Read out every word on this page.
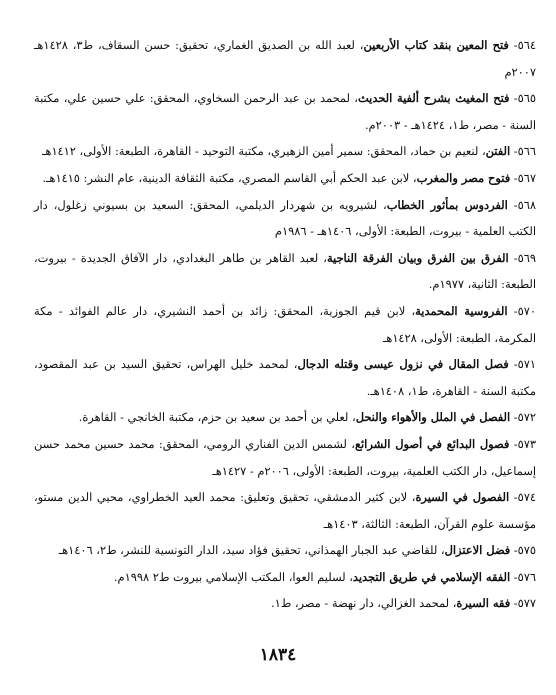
٥٦٤- فتح المعين بنقد كتاب الأربعين، لعبد الله بن الصديق الغماري، تحقيق: حسن السقاف، ط٣، ١٤٢٨هـ ٢٠٠٧م

٥٦٥- فتح المغيث بشرح ألفية الحديث، لمحمد بن عبد الرحمن السخاوي، المحقق: علي حسين علي، مكتبة السنة - مصر، ط١، ١٤٢٤هـ - ٢٠٠٣م.

٥٦٦- الفتن، لنعيم بن حماد، المحقق: سمير أمين الزهيري، مكتبة التوحيد - القاهرة، الطبعة: الأولى، ١٤١٢هـ

٥٦٧- فتوح مصر والمغرب، لابن عبد الحكم أبي القاسم المصري، مكتبة الثقافة الدينية، عام النشر: ١٤١٥هـ.

٥٦٨- الفردوس بمأثور الخطاب، لشيرويه بن شهردار الديلمي، المحقق: السعيد بن بسيوني زغلول، دار الكتب العلمية - بيروت، الطبعة: الأولى، ١٤٠٦هـ - ١٩٨٦م

٥٦٩- الفرق بين الفرق وبيان الفرقة الناجية، لعبد القاهر بن طاهر البغدادي، دار الآفاق الجديدة - بيروت، الطبعة: الثانية، ١٩٧٧م.

٥٧٠- الفروسية المحمدية، لابن قيم الجوزية، المحقق: زائد بن أحمد النشيري، دار عالم الفوائد - مكة المكرمة، الطبعة: الأولى، ١٤٢٨هـ

٥٧١- فصل المقال في نزول عيسى وقتله الدجال، لمحمد خليل الهراس، تحقيق السيد بن عبد المقصود، مكتبة السنة - القاهرة، ط١، ١٤٠٨هـ.

٥٧٢- الفصل في الملل والأهواء والنحل، لعلي بن أحمد بن سعيد بن حزم، مكتبة الخانجي - القاهرة.

٥٧٣- فصول البدائع في أصول الشرائع، لشمس الدين الفناري الرومي، المحقق: محمد حسين محمد حسن إسماعيل، دار الكتب العلمية، بيروت، الطبعة: الأولى، ٢٠٠٦م - ١٤٢٧هـ

٥٧٤- الفصول في السيرة، لابن كثير الدمشقي، تحقيق وتعليق: محمد العيد الخطراوي، محيي الدين مستو، مؤسسة علوم القرآن، الطبعة: الثالثة، ١٤٠٣هـ

٥٧٥- فضل الاعتزال، للقاضي عبد الجبار الهمذاني، تحقيق فؤاد سيد، الدار التونسية للنشر، ط٢، ١٤٠٦هـ

٥٧٦- الفقه الإسلامي في طريق التجديد، لسليم العوا، المكتب الإسلامي بيروت ط٢ ١٩٩٨م.

٥٧٧- فقه السيرة، لمحمد الغزالي، دار نهضة - مصر، ط١.

١٨٣٤
